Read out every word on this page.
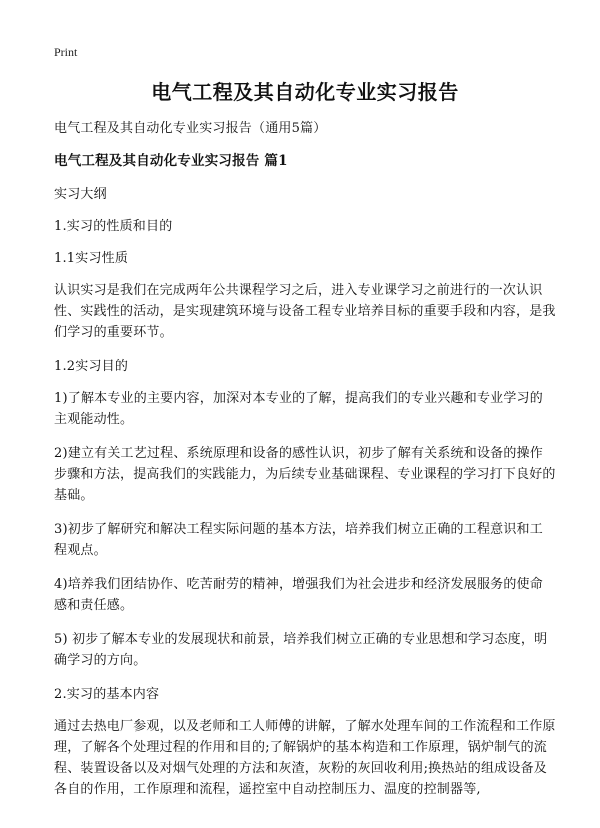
Print
电气工程及其自动化专业实习报告
电气工程及其自动化专业实习报告（通用5篇）
电气工程及其自动化专业实习报告 篇1
实习大纲
1.实习的性质和目的
1.1实习性质
认识实习是我们在完成两年公共课程学习之后，进入专业课学习之前进行的一次认识性、实践性的活动，是实现建筑环境与设备工程专业培养目标的重要手段和内容，是我们学习的重要环节。
1.2实习目的
1)了解本专业的主要内容，加深对本专业的了解，提高我们的专业兴趣和专业学习的主观能动性。
2)建立有关工艺过程、系统原理和设备的感性认识，初步了解有关系统和设备的操作步骤和方法，提高我们的实践能力，为后续专业基础课程、专业课程的学习打下良好的基础。
3)初步了解研究和解决工程实际问题的基本方法，培养我们树立正确的工程意识和工程观点。
4)培养我们团结协作、吃苦耐劳的精神，增强我们为社会进步和经济发展服务的使命感和责任感。
5) 初步了解本专业的发展现状和前景，培养我们树立正确的专业思想和学习态度，明确学习的方向。
2.实习的基本内容
通过去热电厂参观，以及老师和工人师傅的讲解，了解水处理车间的工作流程和工作原理，了解各个处理过程的作用和目的;了解锅炉的基本构造和工作原理，锅炉制气的流程、装置设备以及对烟气处理的方法和灰渣，灰粉的灰回收利用;换热站的组成设备及各自的作用，工作原理和流程，遥控室中自动控制压力、温度的控制器等,
